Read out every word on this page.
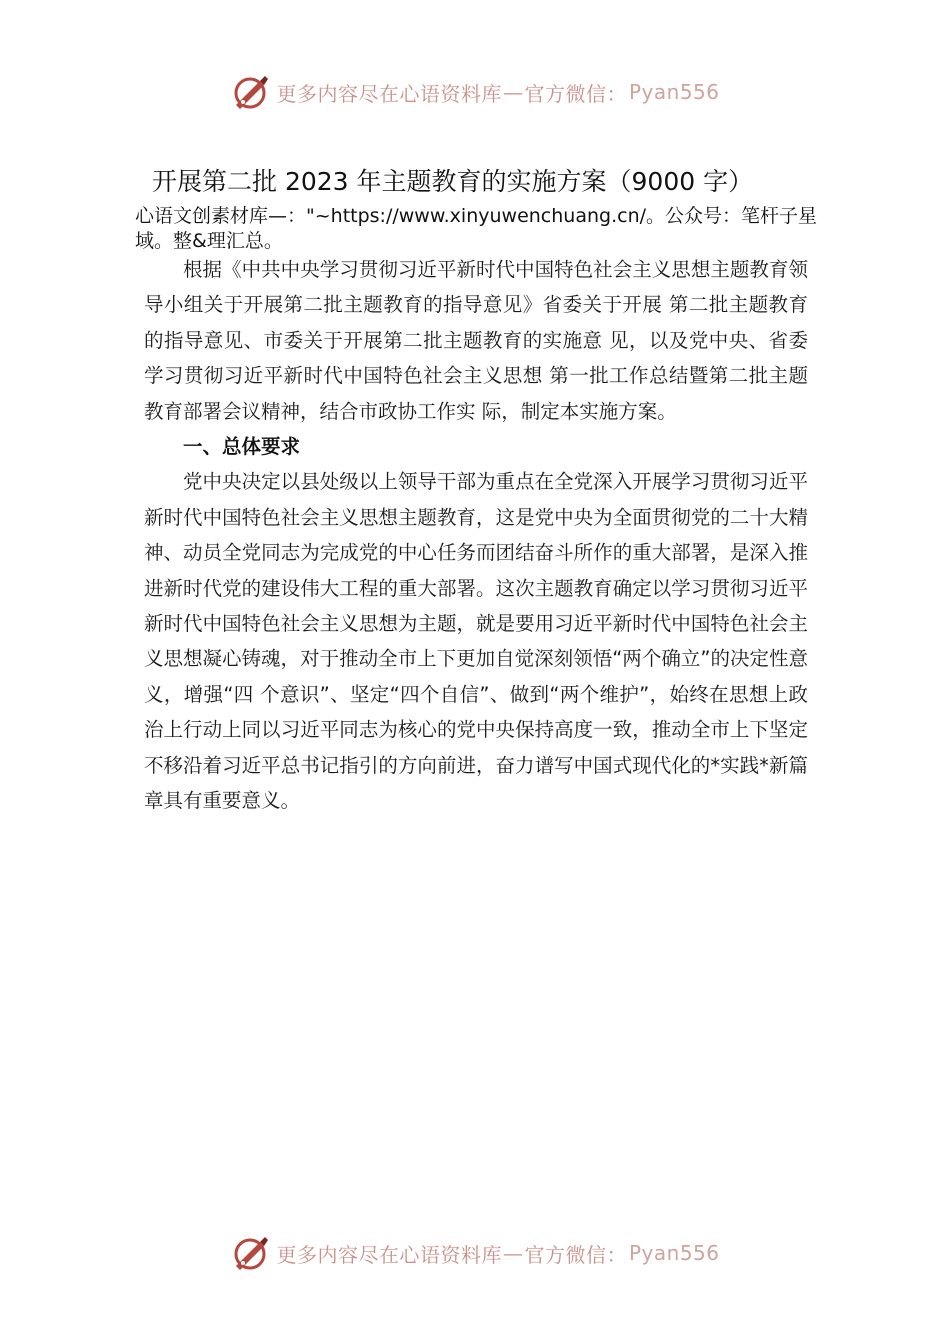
更多内容尽在心语资料库 — 官方微信： Pyan556
开展第二批 2023 年主题教育的实施方案（9000 字）

心语文创素材库—："~https://www.xinyuwenchuang.cn/。公众号：笔杆子星域。整&理汇总。

根据《中共中央学习贯彻习近平新时代中国特色社会主义思想主题教育领导小组关于开展第二批主题教育的指导意见》省委关于开展 第二批主题教育的指导意见、市委关于开展第二批主题教育的实施意 见，以及党中央、省委学习贯彻习近平新时代中国特色社会主义思想 第一批工作总结暨第二批主题教育部署会议精神，结合市政协工作实 际，制定本实施方案。

一、总体要求

党中央决定以县处级以上领导干部为重点在全党深入开展学习贯彻习近平新时代中国特色社会主义思想主题教育，这是党中央为全面贯彻党的二十大精神、动员全党同志为完成党的中心任务而团结奋斗所作的重大部署，是深入推进新时代党的建设伟大工程的重大部署。这次主题教育确定以学习贯彻习近平新时代中国特色社会主义思想为主题，就是要用习近平新时代中国特色社会主义思想凝心铸魂，对于推动全市上下更加自觉深刻领悟“两个确立”的决定性意义，增强“四 个意识”、坚定“四个自信”、做到“两个维护”，始终在思想上政治上行动上同以习近平同志为核心的党中央保持高度一致，推动全市上下坚定不移沿着习近平总书记指引的方向前进，奋力谱写中国式现代化的*实践*新篇章具有重要意义。

更多内容尽在心语资料库 — 官方微信： Pyan556
